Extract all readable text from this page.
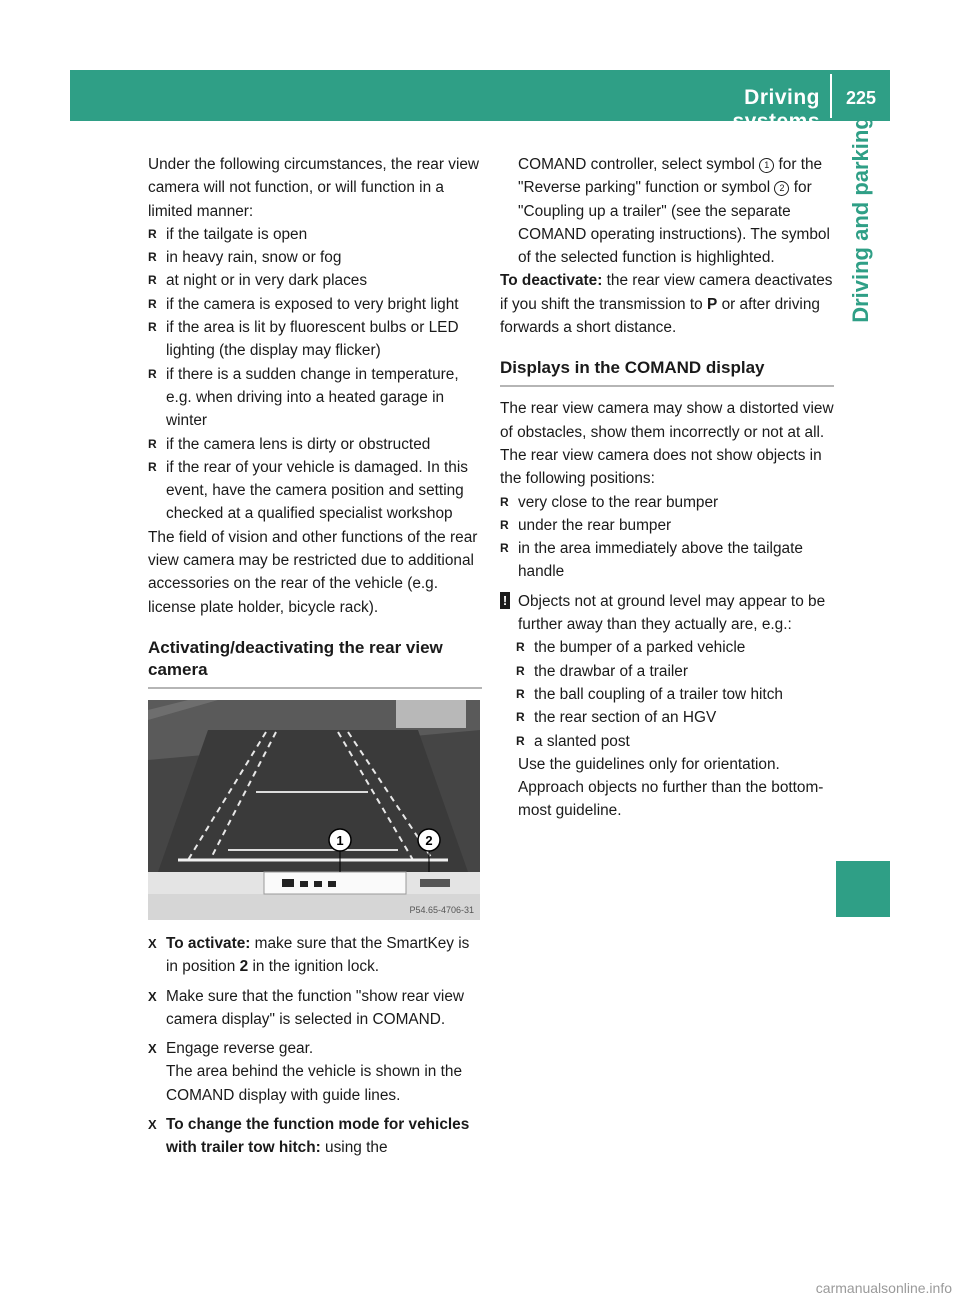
Driving systems
225
Driving and parking

Under the following circumstances, the rear view camera will not function, or will function in a limited manner:

R if the tailgate is open

R in heavy rain, snow or fog

R at night or in very dark places

R if the camera is exposed to very bright light

R if the area is lit by fluorescent bulbs or LED lighting (the display may flicker)

R if there is a sudden change in temperature, e.g. when driving into a heated garage in winter

R if the camera lens is dirty or obstructed

R if the rear of your vehicle is damaged. In this event, have the camera position and setting checked at a qualified specialist workshop

The field of vision and other functions of the rear view camera may be restricted due to additional accessories on the rear of the vehicle (e.g. license plate holder, bicycle rack).

Activating/deactivating the rear view camera

1	2
P54.65-4706-31

X To activate: make sure that the SmartKey is in position 2 in the ignition lock.

X Make sure that the function "show rear view camera display" is selected in COMAND.

X Engage reverse gear.
The area behind the vehicle is shown in the COMAND display with guide lines.

X To change the function mode for vehicles with trailer tow hitch: using the

COMAND controller, select symbol 1 for the "Reverse parking" function or symbol 2 for "Coupling up a trailer" (see the separate COMAND operating instructions). The symbol of the selected function is highlighted.

To deactivate: the rear view camera deactivates if you shift the transmission to P or after driving forwards a short distance.

Displays in the COMAND display

The rear view camera may show a distorted view of obstacles, show them incorrectly or not at all. The rear view camera does not show objects in the following positions:

R very close to the rear bumper

R under the rear bumper

R in the area immediately above the tailgate handle

! Objects not at ground level may appear to be further away than they actually are, e.g.:

R the bumper of a parked vehicle

R the drawbar of a trailer

R the ball coupling of a trailer tow hitch

R the rear section of an HGV

R a slanted post

Use the guidelines only for orientation. Approach objects no further than the bottom-most guideline.

carmanualsonline.info
